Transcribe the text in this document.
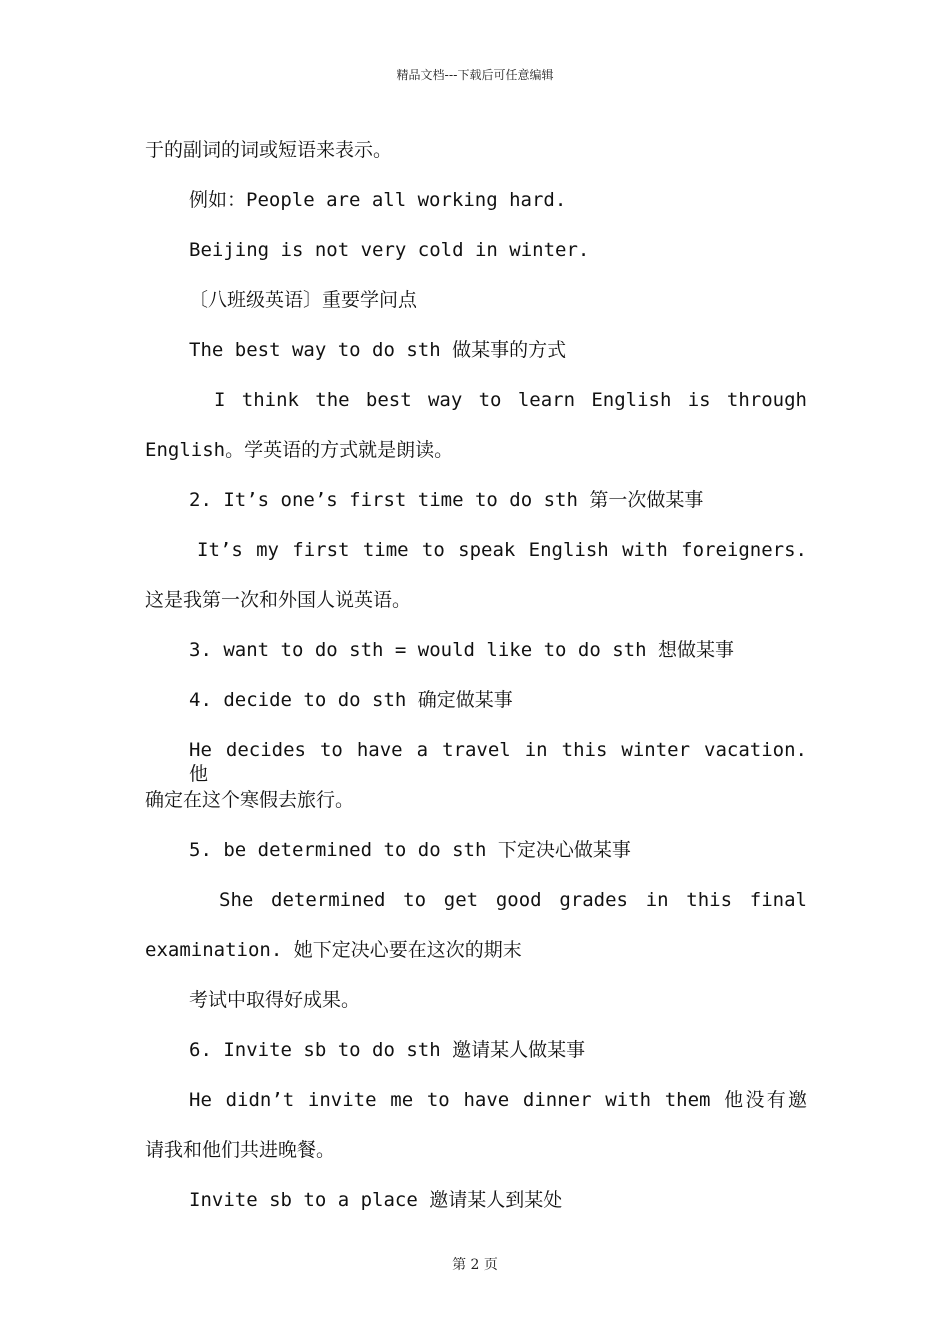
精品文档---下载后可任意编辑
于的副词的词或短语来表示。
例如：People are all working hard.
Beijing is not very cold in winter.
〔八班级英语〕重要学问点
The best way to do sth 做某事的方式
I think the best way to learn English is through
English。学英语的方式就是朗读。
2. It’s one’s first time to do sth 第一次做某事
It’s my first time to speak English with foreigners.
这是我第一次和外国人说英语。
3. want to do sth = would like to do sth 想做某事
4. decide to do sth 确定做某事
He decides to have a travel in this winter vacation. 他
确定在这个寒假去旅行。
5. be determined to do sth 下定决心做某事
She determined to get good grades in this final
examination. 她下定决心要在这次的期末
考试中取得好成果。
6. Invite sb to do sth 邀请某人做某事
He didn’t invite me to have dinner with them 他没有邀
请我和他们共进晚餐。
Invite sb to a place 邀请某人到某处
第 2 页
